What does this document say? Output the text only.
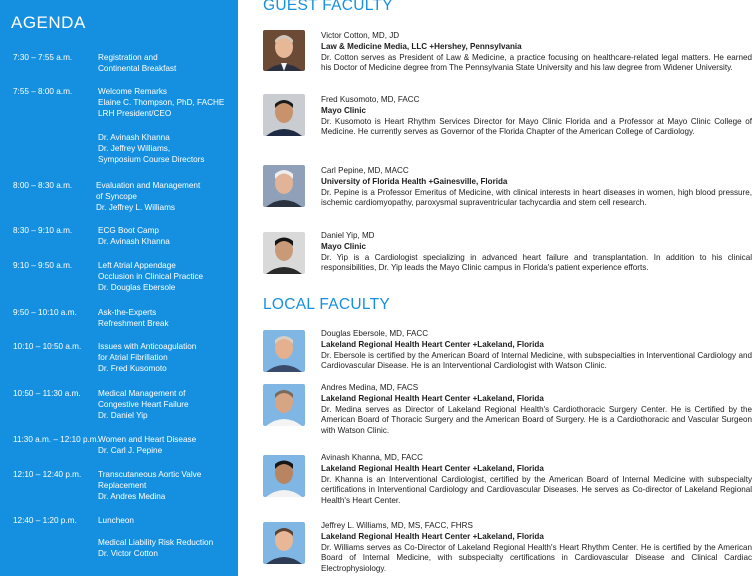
AGENDA
7:30 – 7:55 a.m.	Registration and
Continental Breakfast
7:55 – 8:00 a.m.	Welcome Remarks
Elaine C. Thompson, PhD, FACHE
LRH President/CEO
Dr. Avinash Khanna
Dr. Jeffrey Williams,
Symposium Course Directors
8:00 – 8:30 a.m.	Evaluation and Management
of Syncope
Dr. Jeffrey L. Williams
8:30 – 9:10 a.m.	ECG Boot Camp
Dr. Avinash Khanna
9:10 – 9:50 a.m.	Left Atrial Appendage
Occlusion in Clinical Practice
Dr. Douglas Ebersole
9:50 – 10:10 a.m.	Ask-the-Experts
Refreshment Break
10:10 – 10:50 a.m. Issues with Anticoagulation
for Atrial Fibrillation
Dr. Fred Kusomoto
10:50 – 11:30 a.m. Medical Management of
Congestive Heart Failure
Dr. Daniel Yip
11:30 a.m. – 12:10 p.m. Women and Heart Disease
Dr. Carl J. Pepine
12:10 – 12:40 p.m. Transcutaneous Aortic Valve
Replacement
Dr. Andres Medina
12:40 – 1:20 p.m.	Luncheon
Medical Liability Risk Reduction
Dr. Victor Cotton
GUEST FACULTY
Victor Cotton, MD, JD
Law & Medicine Media, LLC +Hershey, Pennsylvania
Dr. Cotton serves as President of Law & Medicine, a practice focusing on healthcare-related legal matters. He earned his Doctor of Medicine degree from The Pennsylvania State University and his law degree from Widener University.
Fred Kusomoto, MD, FACC
Mayo Clinic
Dr. Kusomoto is Heart Rhythm Services Director for Mayo Clinic Florida and a Professor at Mayo Clinic College of Medicine. He currently serves as Governor of the Florida Chapter of the American College of Cardiology.
Carl Pepine, MD, MACC
University of Florida Health +Gainesville, Florida
Dr. Pepine is a Professor Emeritus of Medicine, with clinical interests in heart diseases in women, high blood pressure, ischemic cardiomyopathy, paroxysmal supraventricular tachycardia and stem cell research.
Daniel Yip, MD
Mayo Clinic
Dr. Yip is a Cardiologist specializing in advanced heart failure and transplantation. In addition to his clinical responsibilities, Dr. Yip leads the Mayo Clinic campus in Florida's patient experience efforts.
LOCAL FACULTY
Douglas Ebersole, MD, FACC
Lakeland Regional Health Heart Center +Lakeland, Florida
Dr. Ebersole is certified by the American Board of Internal Medicine, with subspecialties in Interventional Cardiology and Cardiovascular Disease. He is an Interventional Cardiologist with Watson Clinic.
Andres Medina, MD, FACS
Lakeland Regional Health Heart Center +Lakeland, Florida
Dr. Medina serves as Director of Lakeland Regional Health's Cardiothoracic Surgery Center. He is Certified by the American Board of Thoracic Surgery and the American Board of Surgery. He is a Cardiothoracic and Vascular Surgeon with Watson Clinic.
Avinash Khanna, MD, FACC
Lakeland Regional Health Heart Center +Lakeland, Florida
Dr. Khanna is an Interventional Cardiologist, certified by the American Board of Internal Medicine with subspecialty certifications in Interventional Cardiology and Cardiovascular Diseases. He serves as Co-director of Lakeland Regional Health's Heart Center.
Jeffrey L. Williams, MD, MS, FACC, FHRS
Lakeland Regional Health Heart Center +Lakeland, Florida
Dr. Williams serves as Co-Director of Lakeland Regional Health's Heart Rhythm Center. He is certified by the American Board of Internal Medicine, with subspecialty certifications in Cardiovascular Disease and Clinical Cardiac Electrophysiology.
